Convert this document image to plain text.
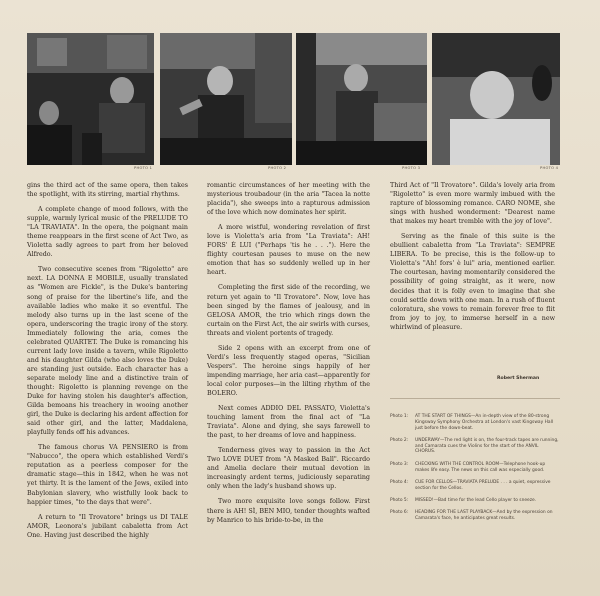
PHOTO 1	PHOTO 2	PHOTO 3	PHOTO 4

gins the third act of the same opera, then takes the spotlight, with its stirring, martial rhythms.

A complete change of mood follows, with the supple, warmly lyrical music of the PRELUDE TO "LA TRAVIATA". In the opera, the poignant main theme reappears in the first scene of Act Two, as Violetta sadly agrees to part from her beloved Alfredo.

Two consecutive scenes from "Rigoletto" are next. LA DONNA E MOBILE, usually translated as "Women are Fickle", is the Duke's bantering song of praise for the libertine's life, and the available ladies who make it so eventful. The melody also turns up in the last scene of the opera, underscoring the tragic irony of the story. Immediately following the aria, comes the celebrated QUARTET. The Duke is romancing his current lady love inside a tavern, while Rigoletto and his daughter Gilda (who also loves the Duke) are standing just outside. Each character has a separate melody line and a distinctive train of thought: Rigoletto is planning revenge on the Duke for having stolen his daughter's affection, Gilda bemoans his treachery in wooing another girl, the Duke is declaring his ardent affection for said other girl, and the latter, Maddalena, playfully fends off his advances.

The famous chorus VA PENSIERO is from "Nabucco", the opera which established Verdi's reputation as a peerless composer for the dramatic stage—this in 1842, when he was not yet thirty. It is the lament of the Jews, exiled into Babylonian slavery, who wistfully look back to happier times, "to the days that were".

A return to "Il Trovatore" brings us DI TALE AMOR, Leonora's jubilant cabaletta from Act One. Having just described the highly

romantic circumstances of her meeting with the mysterious troubadour (in the aria "Tacea la notte placida"), she sweeps into a rapturous admission of the love which now dominates her spirit.

A more wistful, wondering revelation of first love is Violetta's aria from "La Traviata": AH! FORS' È LUI ("Perhaps 'tis he . . ."). Here the flighty courtesan pauses to muse on the new emotion that has so suddenly welled up in her heart.

Completing the first side of the recording, we return yet again to "Il Trovatore". Now, love has been singed by the flames of jealousy, and in GELOSA AMOR, the trio which rings down the curtain on the First Act, the air swirls with curses, threats and violent portents of tragedy.

Side 2 opens with an excerpt from one of Verdi's less frequently staged operas, "Sicilian Vespers". The heroine sings happily of her impending marriage, her aria cast—apparently for local color purposes—in the lilting rhythm of the BOLERO.

Next comes ADDIO DEL PASSATO, Violetta's touching lament from the final act of "La Traviata". Alone and dying, she says farewell to the past, to her dreams of love and happiness.

Tenderness gives way to passion in the Act Two LOVE DUET from "A Masked Ball". Riccardo and Amelia declare their mutual devotion in increasingly ardent terms, judiciously separating only when the lady's husband shows up.

Two more exquisite love songs follow. First there is AH! SÌ, BEN MIO, tender thoughts wafted by Manrico to his bride-to-be, in the

Third Act of "Il Trovatore". Gilda's lovely aria from "Rigoletto" is even more warmly imbued with the rapture of blossoming romance. CARO NOME, she sings with hushed wonderment: "Dearest name that makes my heart tremble with the joy of love".

Serving as the finale of this suite is the ebullient cabaletta from "La Traviata": SEMPRE LIBERA. To be precise, this is the follow-up to Violetta's "Ah! fors' è lui" aria, mentioned earlier. The courtesan, having momentarily considered the possibility of going straight, as it were, now decides that it is folly even to imagine that she could settle down with one man. In a rush of fluent coloratura, she vows to remain forever free to flit from joy to joy, to immerse herself in a new whirlwind of pleasure.

Robert Sherman
Photo 1:	AT THE START OF THINGS—An in-depth view of the 80-strong Kingsway Symphony Orchestra at London's vast Kingsway Hall just before the down-beat.
Photo 2:	UNDERWAY—The red light is on, the four-track tapes are running, and Camarata cues the Violins for the start of the ANVIL CHORUS.
Photo 3:	CHECKING WITH THE CONTROL ROOM—Telephone hook-up makes life easy. The news on this call was especially good.
Photo 4:	CUE FOR CELLOS—TRAVIATA PRELUDE . . . a quiet, expressive section for the Cellos.
Photo 5:	MISSED!—Bad time for the lead Cello player to sneeze.
Photo 6:	HEADING FOR THE LAST PLAYBACK—And by the expression on Camarata's face, he anticipates great results.
